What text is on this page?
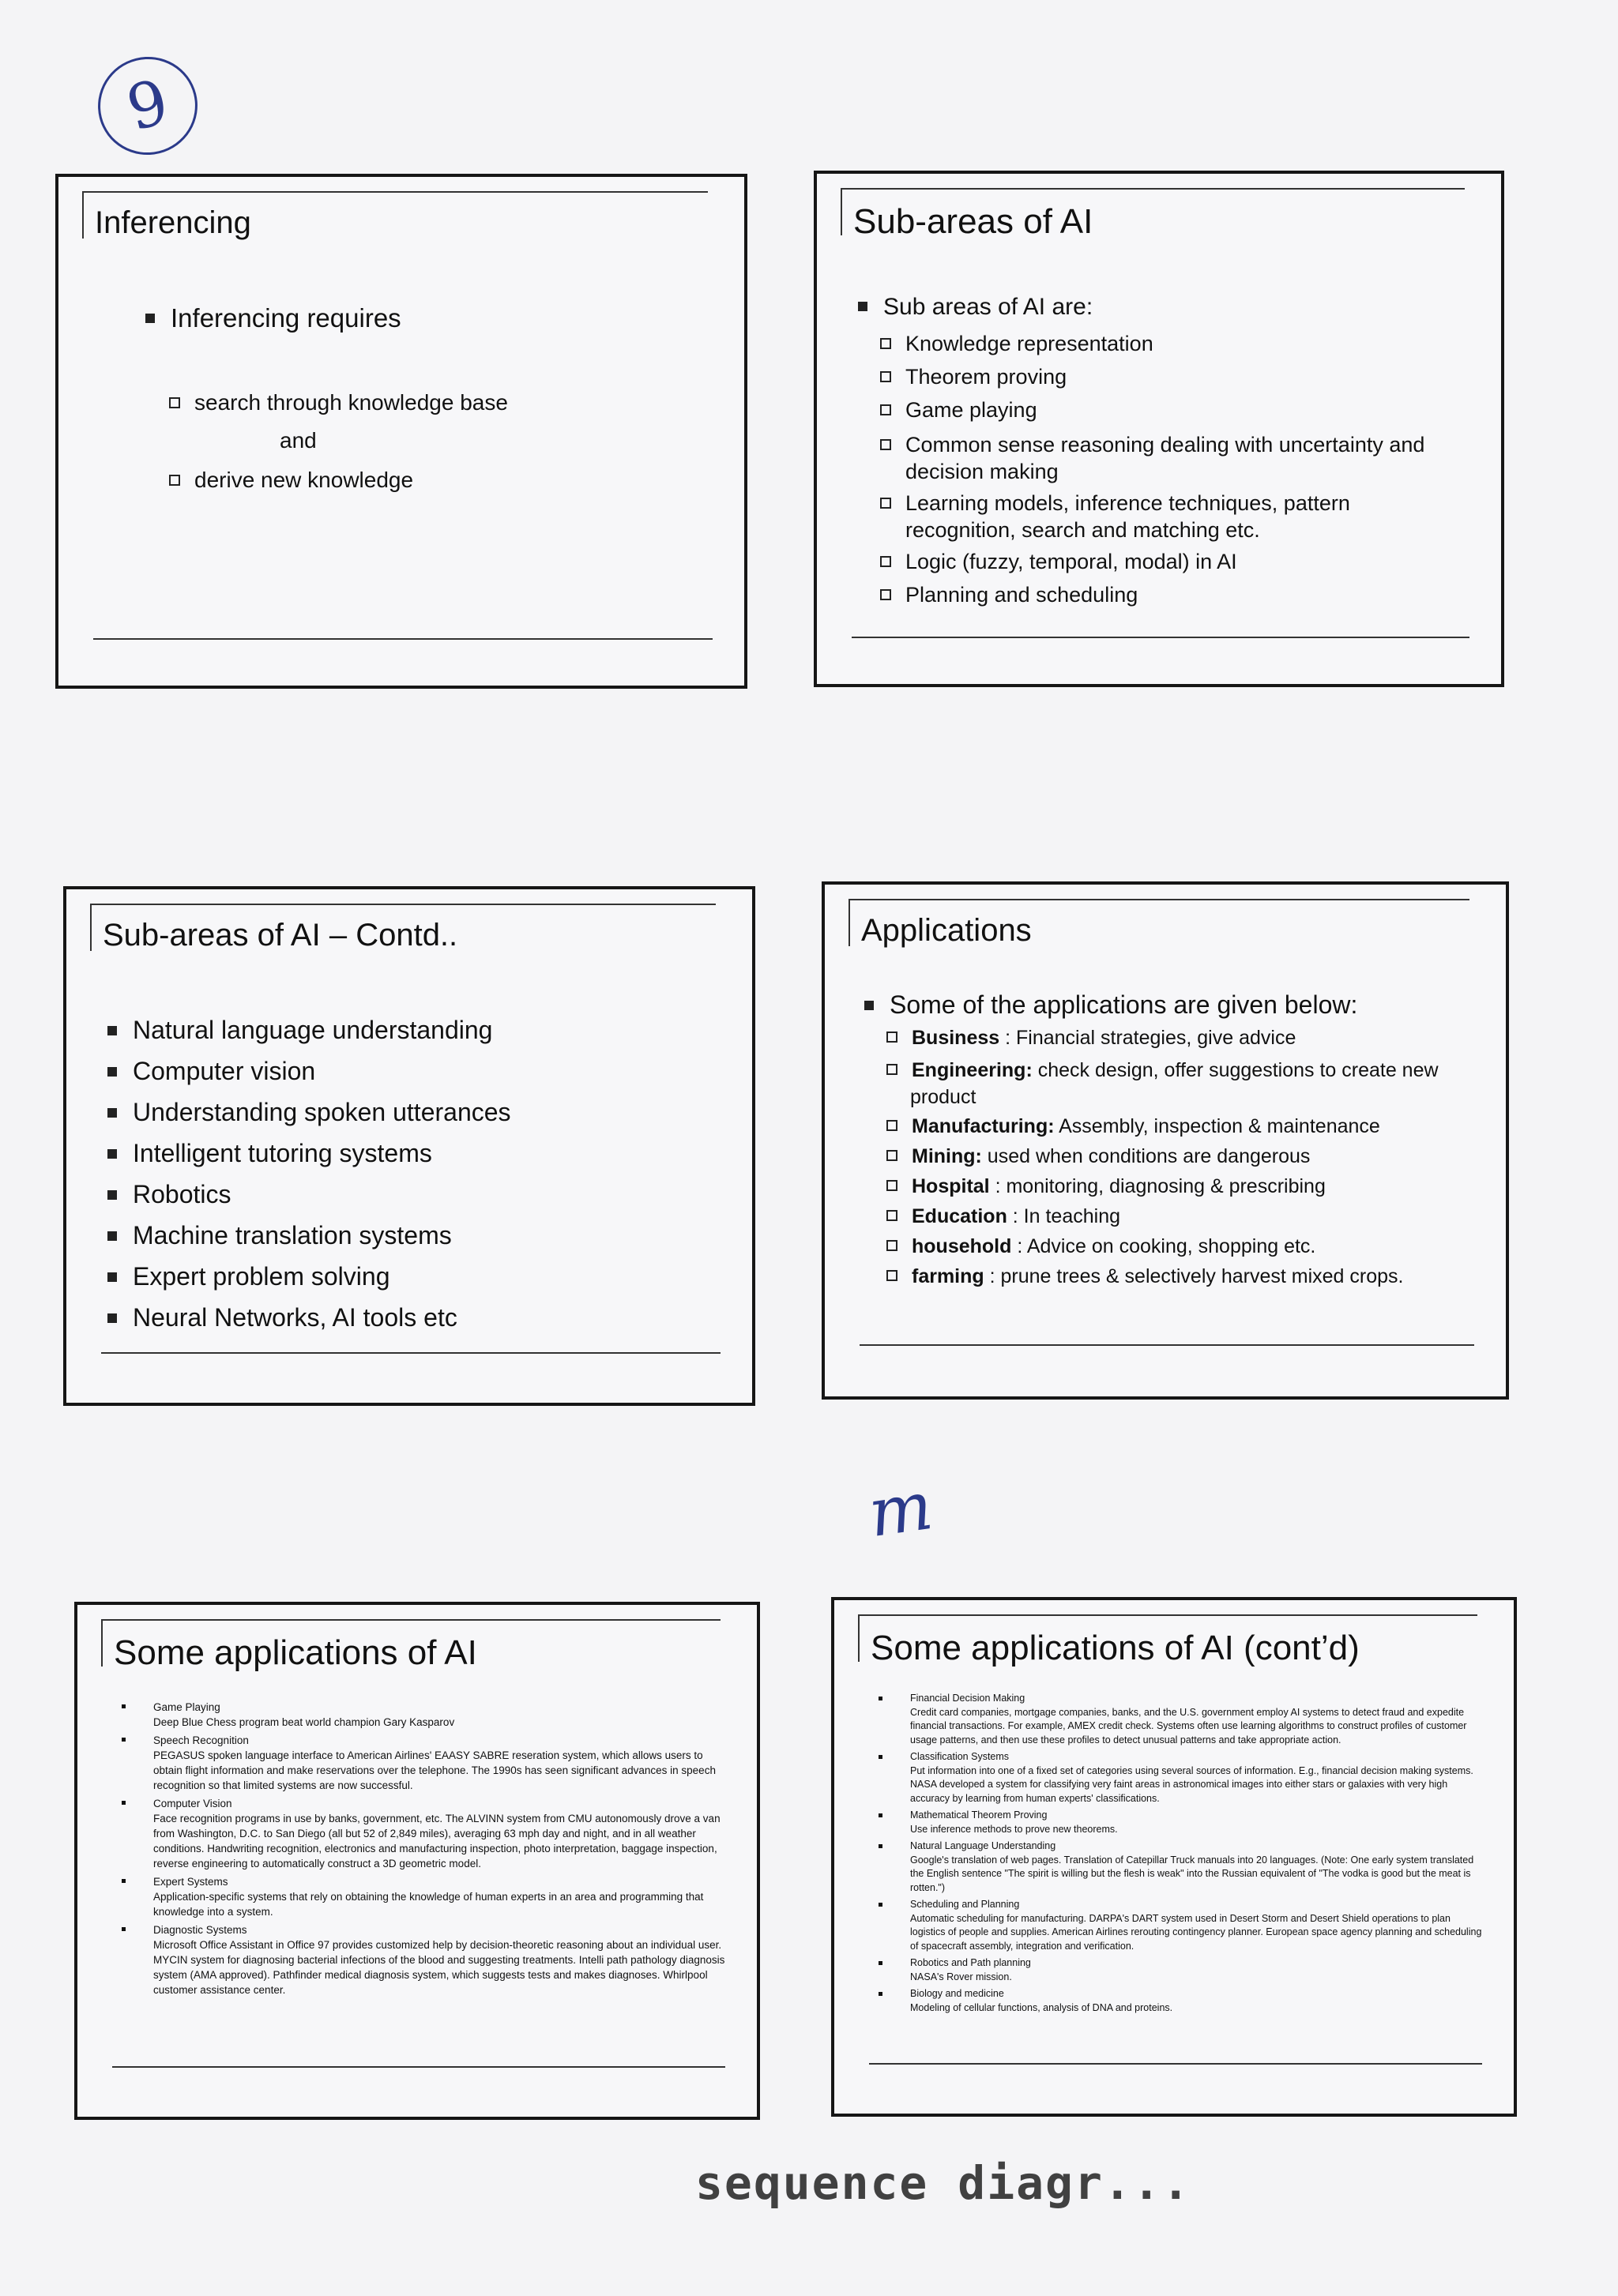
9
Inferencing
Inferencing requires
search through knowledge base
and
derive new knowledge
Sub-areas of AI
Sub areas of AI are:
Knowledge representation
Theorem proving
Game playing
Common sense reasoning dealing with uncertainty and decision making
Learning models, inference techniques, pattern recognition, search and matching etc.
Logic (fuzzy, temporal, modal) in AI
Planning and scheduling
Sub-areas of AI – Contd..
Natural language understanding
Computer vision
Understanding spoken utterances
Intelligent tutoring systems
Robotics
Machine translation systems
Expert problem solving
Neural Networks, AI tools etc
Applications
Some of the applications are given below:
Business : Financial strategies, give advice
Engineering: check design, offer suggestions to create new product
Manufacturing: Assembly, inspection & maintenance
Mining: used when conditions are dangerous
Hospital : monitoring, diagnosing & prescribing
Education : In teaching
household : Advice on cooking, shopping etc.
farming : prune trees & selectively harvest mixed crops.
m
Some applications of AI
Game Playing
Deep Blue Chess program beat world champion Gary Kasparov
Speech Recognition
PEGASUS spoken language interface to American Airlines' EAASY SABRE reseration system, which allows users to obtain flight information and make reservations over the telephone. The 1990s has seen significant advances in speech recognition so that limited systems are now successful.
Computer Vision
Face recognition programs in use by banks, government, etc. The ALVINN system from CMU autonomously drove a van from Washington, D.C. to San Diego (all but 52 of 2,849 miles), averaging 63 mph day and night, and in all weather conditions. Handwriting recognition, electronics and manufacturing inspection, photo interpretation, baggage inspection, reverse engineering to automatically construct a 3D geometric model.
Expert Systems
Application-specific systems that rely on obtaining the knowledge of human experts in an area and programming that knowledge into a system.
Diagnostic Systems
Microsoft Office Assistant in Office 97 provides customized help by decision-theoretic reasoning about an individual user. MYCIN system for diagnosing bacterial infections of the blood and suggesting treatments. Intelli path pathology diagnosis system (AMA approved). Pathfinder medical diagnosis system, which suggests tests and makes diagnoses. Whirlpool customer assistance center.
Some applications of AI (cont’d)
Financial Decision Making
Credit card companies, mortgage companies, banks, and the U.S. government employ AI systems to detect fraud and expedite financial transactions. For example, AMEX credit check. Systems often use learning algorithms to construct profiles of customer usage patterns, and then use these profiles to detect unusual patterns and take appropriate action.
Classification Systems
Put information into one of a fixed set of categories using several sources of information. E.g., financial decision making systems. NASA developed a system for classifying very faint areas in astronomical images into either stars or galaxies with very high accuracy by learning from human experts' classifications.
Mathematical Theorem Proving
Use inference methods to prove new theorems.
Natural Language Understanding
Google's translation of web pages. Translation of Catepillar Truck manuals into 20 languages. (Note: One early system translated the English sentence "The spirit is willing but the flesh is weak" into the Russian equivalent of "The vodka is good but the meat is rotten.")
Scheduling and Planning
Automatic scheduling for manufacturing. DARPA's DART system used in Desert Storm and Desert Shield operations to plan logistics of people and supplies. American Airlines rerouting contingency planner. European space agency planning and scheduling of spacecraft assembly, integration and verification.
Robotics and Path planning
NASA's Rover mission.
Biology and medicine
Modeling of cellular functions, analysis of DNA and proteins.
sequence diagr...
